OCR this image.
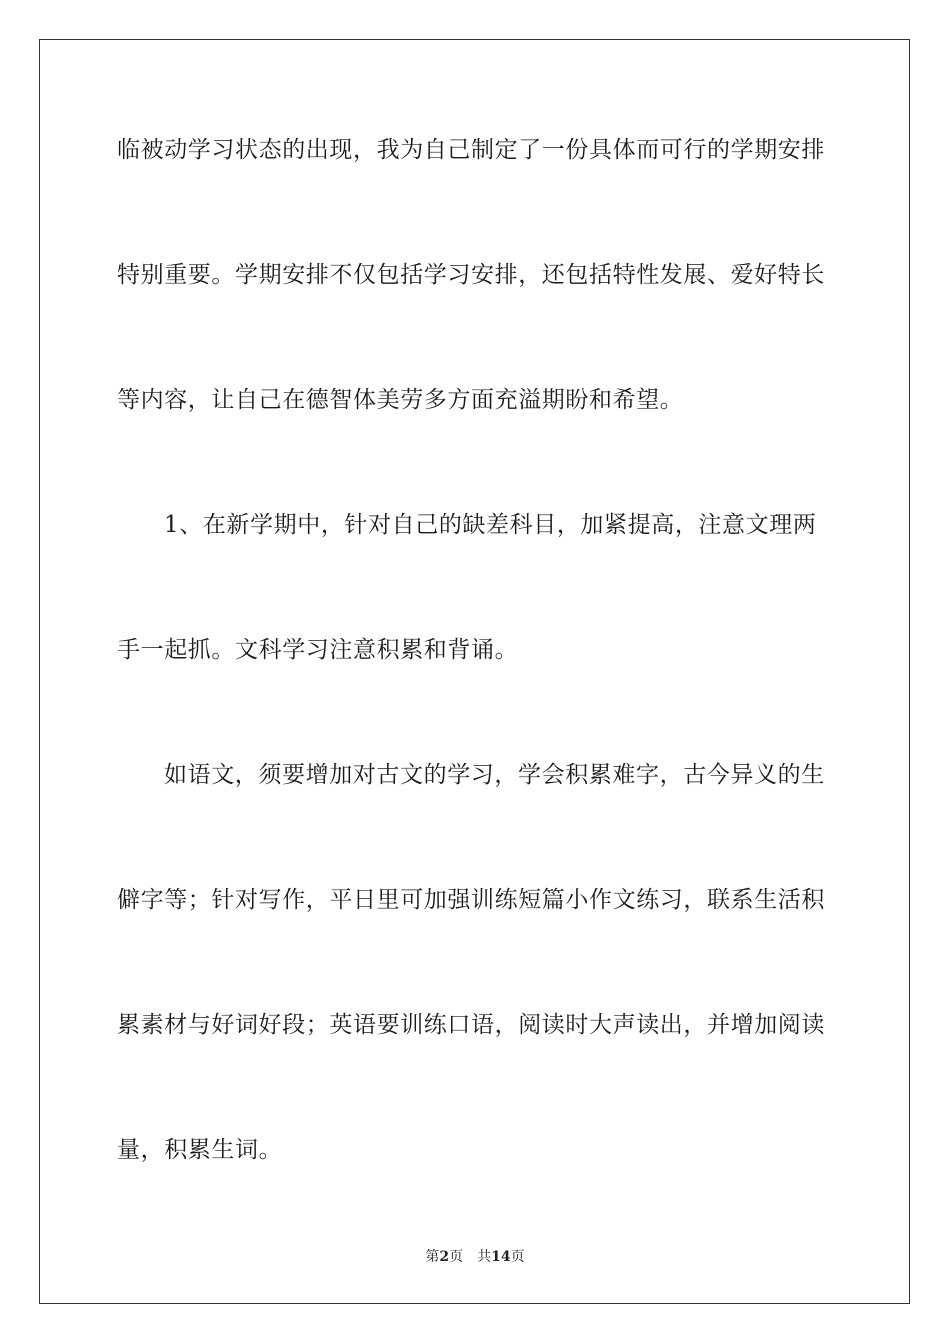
临被动学习状态的出现，我为自己制定了一份具体而可行的学期安排
特别重要。学期安排不仅包括学习安排，还包括特性发展、爱好特长
等内容，让自己在德智体美劳多方面充溢期盼和希望。
1、在新学期中，针对自己的缺差科目，加紧提高，注意文理两
手一起抓。文科学习注意积累和背诵。
如语文，须要增加对古文的学习，学会积累难字，古今异义的生
僻字等；针对写作，平日里可加强训练短篇小作文练习，联系生活积
累素材与好词好段；英语要训练口语，阅读时大声读出，并增加阅读
量，积累生词。
第2页 共14页
